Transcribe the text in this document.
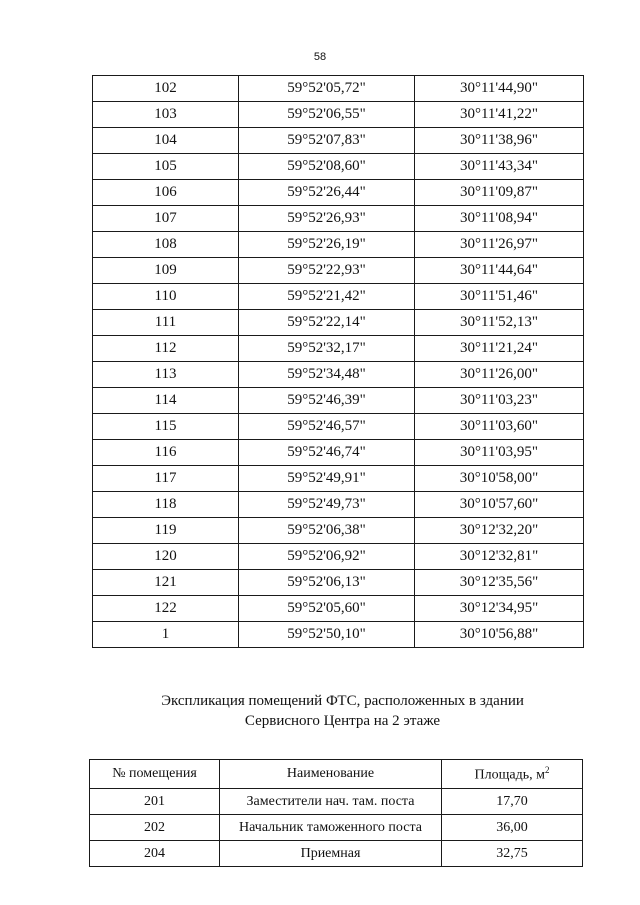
58
102	59°52'05,72"	30°11'44,90"
103	59°52'06,55"	30°11'41,22"
104	59°52'07,83"	30°11'38,96"
105	59°52'08,60"	30°11'43,34"
106	59°52'26,44"	30°11'09,87"
107	59°52'26,93"	30°11'08,94"
108	59°52'26,19"	30°11'26,97"
109	59°52'22,93"	30°11'44,64"
110	59°52'21,42"	30°11'51,46"
111	59°52'22,14"	30°11'52,13"
112	59°52'32,17"	30°11'21,24"
113	59°52'34,48"	30°11'26,00"
114	59°52'46,39"	30°11'03,23"
115	59°52'46,57"	30°11'03,60"
116	59°52'46,74"	30°11'03,95"
117	59°52'49,91"	30°10'58,00"
118	59°52'49,73"	30°10'57,60"
119	59°52'06,38"	30°12'32,20"
120	59°52'06,92"	30°12'32,81"
121	59°52'06,13"	30°12'35,56"
122	59°52'05,60"	30°12'34,95"
1	59°52'50,10"	30°10'56,88"
Экспликация помещений ФТС, расположенных в здании
Сервисного Центра на 2 этаже
№ помещения	Наименование	Площадь, $м^2$
201	Заместители нач. там. поста	17,70
202	Начальник таможенного поста	36,00
204	Приемная	32,75
